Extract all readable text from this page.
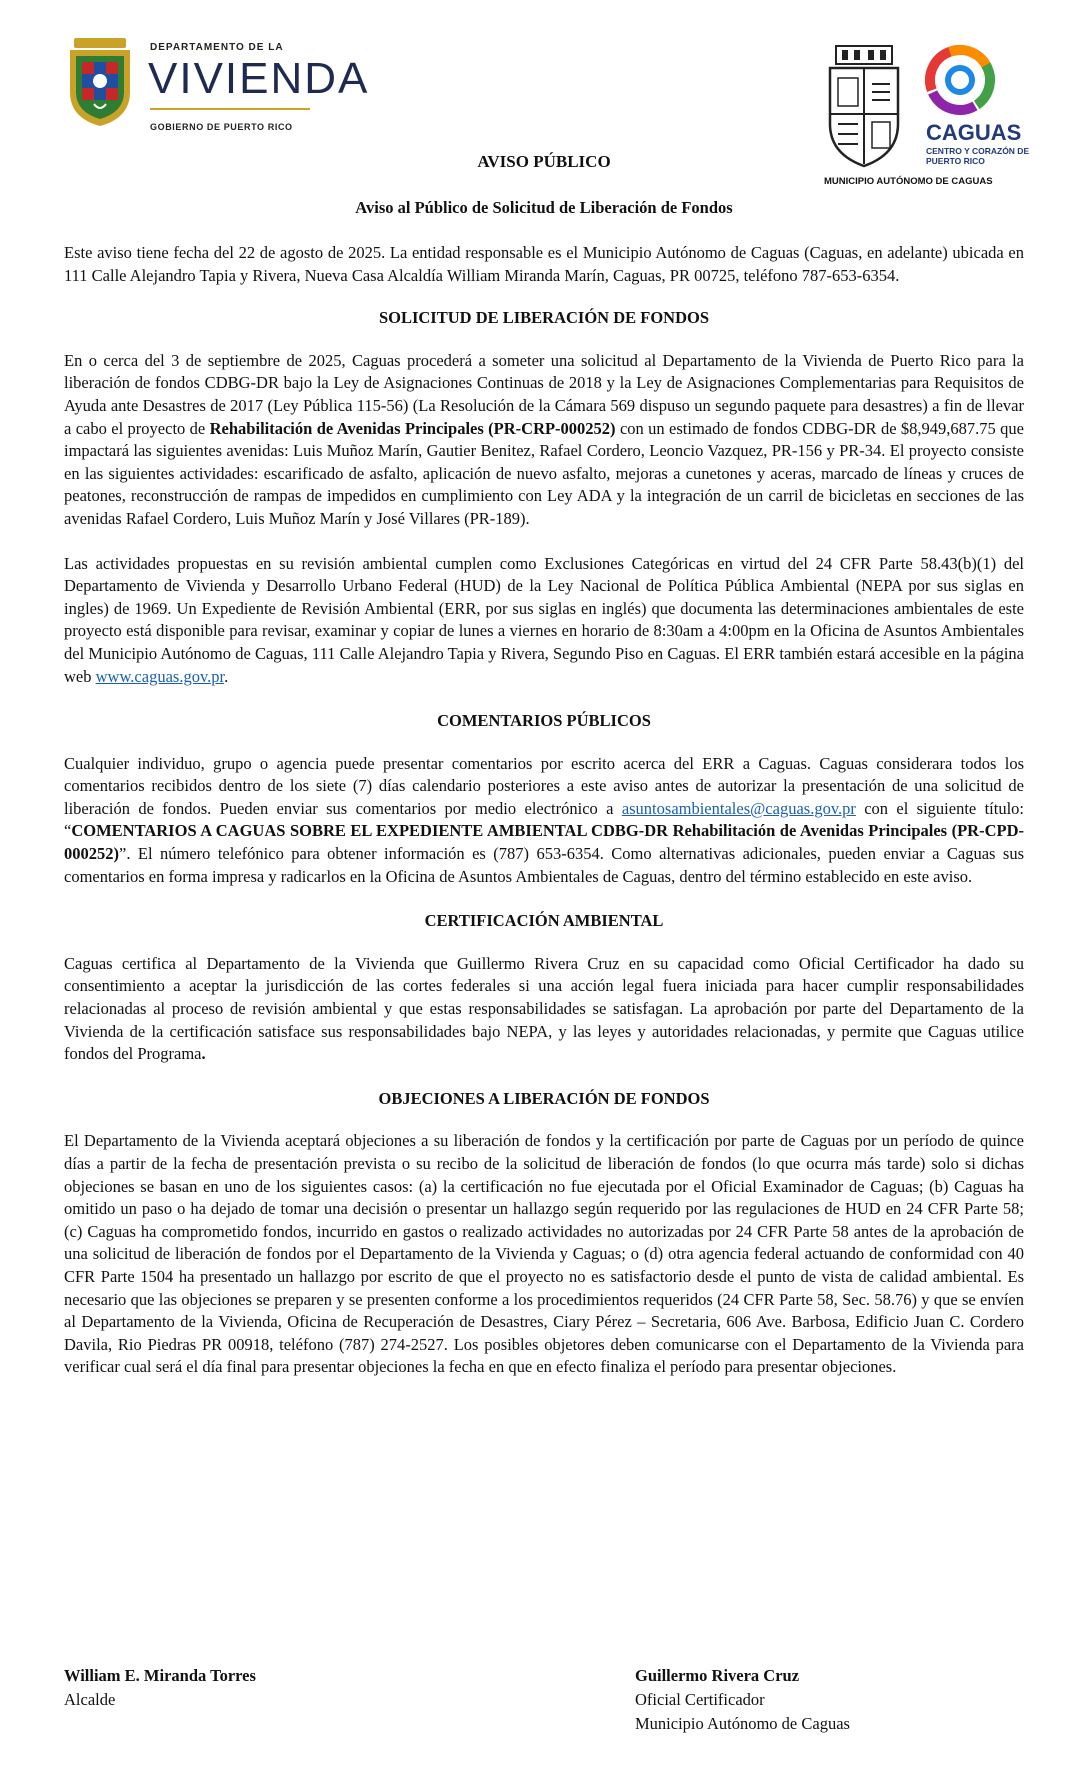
DEPARTAMENTO DE LA
VIVIENDA
GOBIERNO DE PUERTO RICO	CAGUAS
CENTRO Y CORAZÓN DE PUERTO RICO
MUNICIPIO AUTÓNOMO DE CAGUAS
AVISO PÚBLICO
Aviso al Público de Solicitud de Liberación de Fondos

Este aviso tiene fecha del 22 de agosto de 2025. La entidad responsable es el Municipio Autónomo de Caguas (Caguas, en adelante) ubicada en 111 Calle Alejandro Tapia y Rivera, Nueva Casa Alcaldía William Miranda Marín, Caguas, PR 00725, teléfono 787-653-6354.

SOLICITUD DE LIBERACIÓN DE FONDOS

En o cerca del 3 de septiembre de 2025, Caguas procederá a someter una solicitud al Departamento de la Vivienda de Puerto Rico para la liberación de fondos CDBG-DR bajo la Ley de Asignaciones Continuas de 2018 y la Ley de Asignaciones Complementarias para Requisitos de Ayuda ante Desastres de 2017 (Ley Pública 115-56) (La Resolución de la Cámara 569 dispuso un segundo paquete para desastres) a fin de llevar a cabo el proyecto de Rehabilitación de Avenidas Principales (PR-CRP-000252) con un estimado de fondos CDBG-DR de $8,949,687.75 que impactará las siguientes avenidas: Luis Muñoz Marín, Gautier Benitez, Rafael Cordero, Leoncio Vazquez, PR-156 y PR-34. El proyecto consiste en las siguientes actividades: escarificado de asfalto, aplicación de nuevo asfalto, mejoras a cunetones y aceras, marcado de líneas y cruces de peatones, reconstrucción de rampas de impedidos en cumplimiento con Ley ADA y la integración de un carril de bicicletas en secciones de las avenidas Rafael Cordero, Luis Muñoz Marín y José Villares (PR-189).

Las actividades propuestas en su revisión ambiental cumplen como Exclusiones Categóricas en virtud del 24 CFR Parte 58.43(b)(1) del Departamento de Vivienda y Desarrollo Urbano Federal (HUD) de la Ley Nacional de Política Pública Ambiental (NEPA por sus siglas en ingles) de 1969. Un Expediente de Revisión Ambiental (ERR, por sus siglas en inglés) que documenta las determinaciones ambientales de este proyecto está disponible para revisar, examinar y copiar de lunes a viernes en horario de 8:30am a 4:00pm en la Oficina de Asuntos Ambientales del Municipio Autónomo de Caguas, 111 Calle Alejandro Tapia y Rivera, Segundo Piso en Caguas. El ERR también estará accesible en la página web www.caguas.gov.pr.

COMENTARIOS PÚBLICOS

Cualquier individuo, grupo o agencia puede presentar comentarios por escrito acerca del ERR a Caguas. Caguas considerara todos los comentarios recibidos dentro de los siete (7) días calendario posteriores a este aviso antes de autorizar la presentación de una solicitud de liberación de fondos. Pueden enviar sus comentarios por medio electrónico a asuntosambientales@caguas.gov.pr con el siguiente título: “COMENTARIOS A CAGUAS SOBRE EL EXPEDIENTE AMBIENTAL CDBG-DR Rehabilitación de Avenidas Principales (PR-CPD-000252)”. El número telefónico para obtener información es (787) 653-6354. Como alternativas adicionales, pueden enviar a Caguas sus comentarios en forma impresa y radicarlos en la Oficina de Asuntos Ambientales de Caguas, dentro del término establecido en este aviso.

CERTIFICACIÓN AMBIENTAL

Caguas certifica al Departamento de la Vivienda que Guillermo Rivera Cruz en su capacidad como Oficial Certificador ha dado su consentimiento a aceptar la jurisdicción de las cortes federales si una acción legal fuera iniciada para hacer cumplir responsabilidades relacionadas al proceso de revisión ambiental y que estas responsabilidades se satisfagan. La aprobación por parte del Departamento de la Vivienda de la certificación satisface sus responsabilidades bajo NEPA, y las leyes y autoridades relacionadas, y permite que Caguas utilice fondos del Programa.

OBJECIONES A LIBERACIÓN DE FONDOS

El Departamento de la Vivienda aceptará objeciones a su liberación de fondos y la certificación por parte de Caguas por un período de quince días a partir de la fecha de presentación prevista o su recibo de la solicitud de liberación de fondos (lo que ocurra más tarde) solo si dichas objeciones se basan en uno de los siguientes casos: (a) la certificación no fue ejecutada por el Oficial Examinador de Caguas; (b) Caguas ha omitido un paso o ha dejado de tomar una decisión o presentar un hallazgo según requerido por las regulaciones de HUD en 24 CFR Parte 58; (c) Caguas ha comprometido fondos, incurrido en gastos o realizado actividades no autorizadas por 24 CFR Parte 58 antes de la aprobación de una solicitud de liberación de fondos por el Departamento de la Vivienda y Caguas; o (d) otra agencia federal actuando de conformidad con 40 CFR Parte 1504 ha presentado un hallazgo por escrito de que el proyecto no es satisfactorio desde el punto de vista de calidad ambiental. Es necesario que las objeciones se preparen y se presenten conforme a los procedimientos requeridos (24 CFR Parte 58, Sec. 58.76) y que se envíen al Departamento de la Vivienda, Oficina de Recuperación de Desastres, Ciary Pérez – Secretaria, 606 Ave. Barbosa, Edificio Juan C. Cordero Davila, Rio Piedras PR 00918, teléfono (787) 274-2527. Los posibles objetores deben comunicarse con el Departamento de la Vivienda para verificar cual será el día final para presentar objeciones la fecha en que en efecto finaliza el período para presentar objeciones.

William E. Miranda Torres
Alcalde
Guillermo Rivera Cruz
Oficial Certificador
Municipio Autónomo de Caguas
